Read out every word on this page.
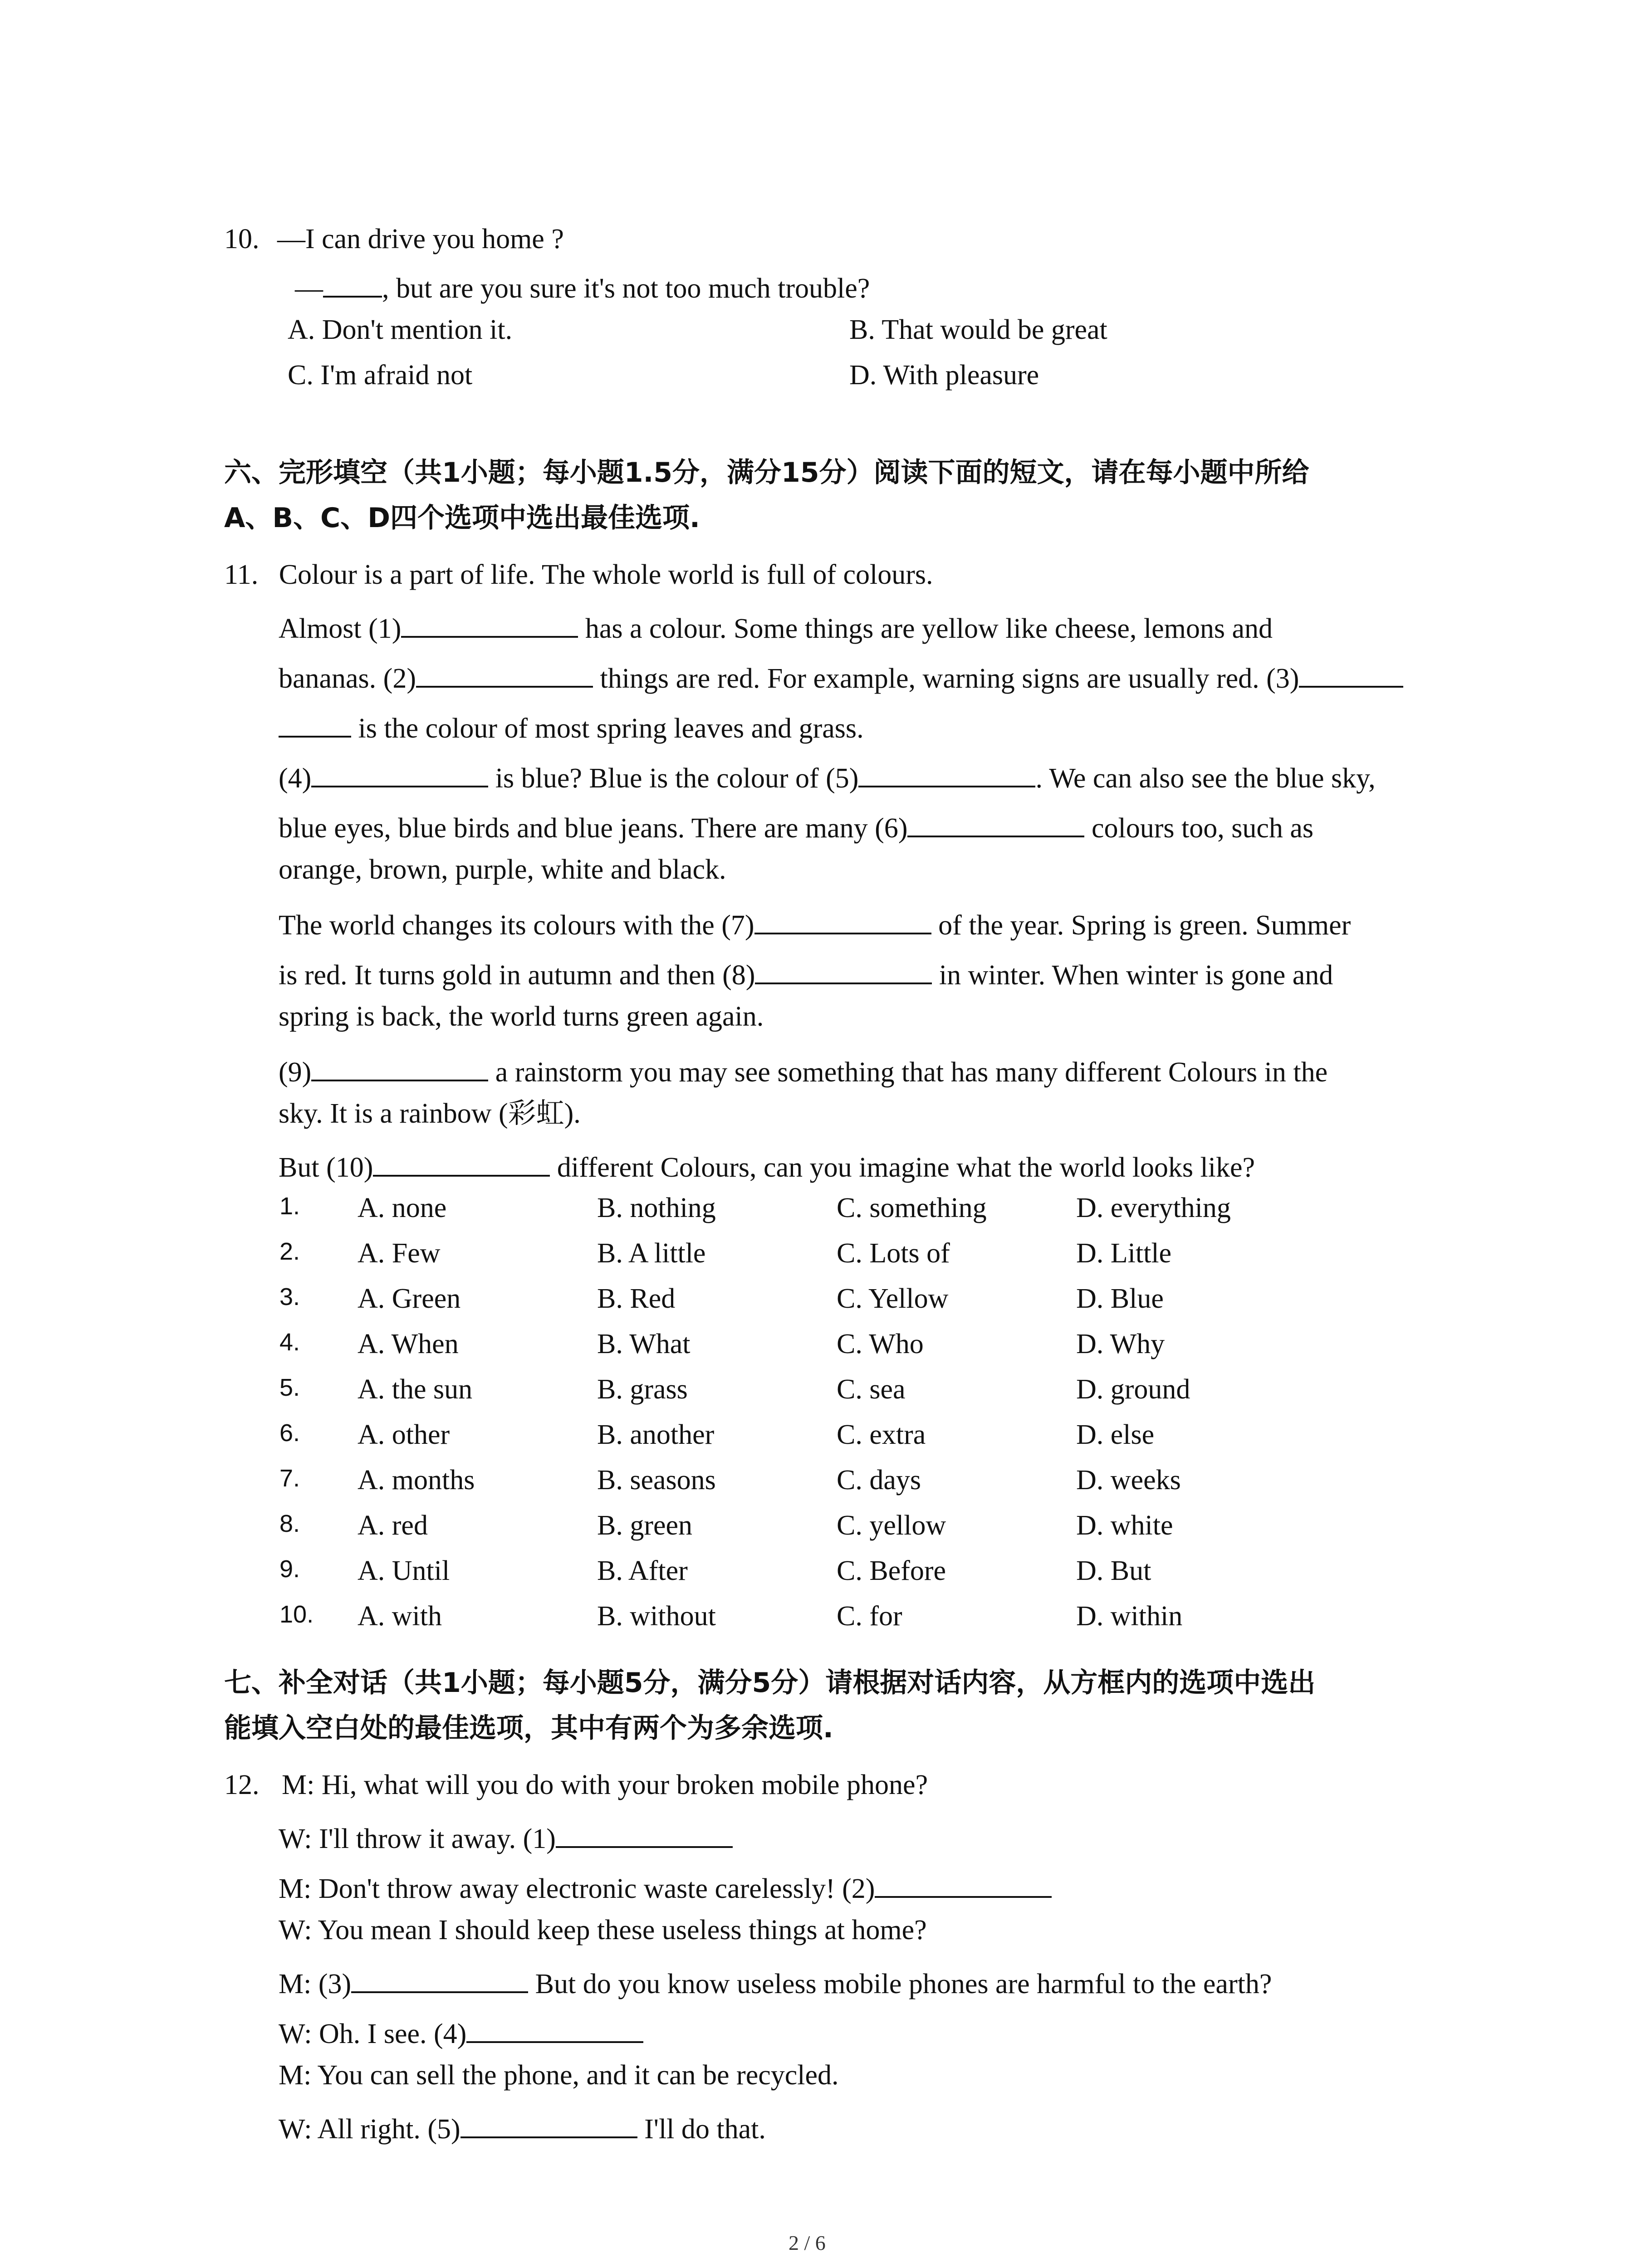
10. —I can drive you home ?
— , but are you sure it's not too much trouble?
A. Don't mention it.	B. That would be great
C. I'm afraid not	D. With pleasure
六、完形填空（共1小题；每小题1.5分，满分15分）阅读下面的短文，请在每小题中所给
A、B、C、D四个选项中选出最佳选项.
11. Colour is a part of life. The whole world is full of colours.
Almost (1)	has a colour. Some things are yellow like cheese, lemons and
bananas. (2)	things are red. For example, warning signs are usually red. (3)
is the colour of most spring leaves and grass.
(4)	is blue? Blue is the colour of (5)	. We can also see the blue sky,
blue eyes, blue birds and blue jeans. There are many (6)	colours too, such as
orange, brown, purple, white and black.
The world changes its colours with the (7)	of the year. Spring is green. Summer
is red. It turns gold in autumn and then (8)	in winter. When winter is gone and
spring is back, the world turns green again.
(9)	a rainstorm you may see something that has many different Colours in the
sky. It is a rainbow (彩虹).
But (10)	different Colours, can you imagine what the world looks like?
1. A. none	B. nothing	C. something	D. everything
2. A. Few	B. A little	C. Lots of	D. Little
3. A. Green	B. Red	C. Yellow	D. Blue
4. A. When	B. What	C. Who	D. Why
5. A. the sun	B. grass	C. sea	D. ground
6. A. other	B. another	C. extra	D. else
7. A. months	B. seasons	C. days	D. weeks
8. A. red	B. green	C. yellow	D. white
9. A. Until	B. After	C. Before	D. But
10. A. with	B. without	C. for	D. within
七、补全对话（共1小题；每小题5分，满分5分）请根据对话内容，从方框内的选项中选出
能填入空白处的最佳选项，其中有两个为多余选项.
12. M: Hi, what will you do with your broken mobile phone?
W: I'll throw it away. (1)
M: Don't throw away electronic waste carelessly! (2)
W: You mean I should keep these useless things at home?
M: (3)	But do you know useless mobile phones are harmful to the earth?
W: Oh. I see. (4)
M: You can sell the phone, and it can be recycled.
W: All right. (5)	I'll do that.
2 / 6
